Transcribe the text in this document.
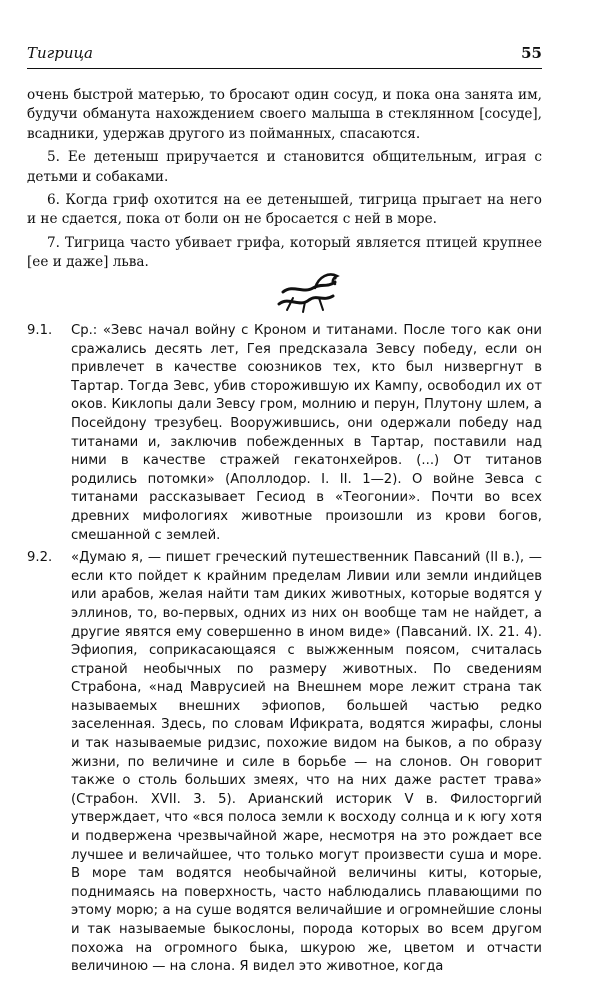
Тигрица	55

очень быстрой матерью, то бросают один сосуд, и пока она занята им, будучи обманута нахождением своего малыша в стеклянном [сосуде], всадники, удержав другого из пойманных, спасаются.

5. Ее детеныш приручается и становится общительным, играя с детьми и собаками.

6. Когда гриф охотится на ее детенышей, тигрица прыгает на него и не сдается, пока от боли он не бросается с ней в море.

7. Тигрица часто убивает грифа, который является птицей крупнее [ее и даже] льва.

9.1. Ср.: «Зевс начал войну с Кроном и титанами. После того как они сражались десять лет, Гея предсказала Зевсу победу, если он привлечет в качестве союзников тех, кто был низвергнут в Тартар. Тогда Зевс, убив сторожившую их Кампу, освободил их от оков. Киклопы дали Зевсу гром, молнию и перун, Плутону шлем, а Посейдону трезубец. Вооружившись, они одержали победу над титанами и, заключив побежденных в Тартар, поставили над ними в качестве стражей гекатонхейров. (...) От титанов родились потомки» (Аполлодор. I. II. 1—2). О войне Зевса с титанами рассказывает Гесиод в «Теогонии». Почти во всех древних мифологиях животные произошли из крови богов, смешанной с землей.
9.2. «Думаю я, — пишет греческий путешественник Павсаний (II в.), — если кто пойдет к крайним пределам Ливии или земли индийцев или арабов, желая найти там диких животных, которые водятся у эллинов, то, во-первых, одних из них он вообще там не найдет, а другие явятся ему совершенно в ином виде» (Павсаний. IX. 21. 4). Эфиопия, соприкасающаяся с выжженным поясом, считалась страной необычных по размеру животных. По сведениям Страбона, «над Маврусией на Внешнем море лежит страна так называемых внешних эфиопов, большей частью редко заселенная. Здесь, по словам Ификрата, водятся жирафы, слоны и так называемые ридзис, похожие видом на быков, а по образу жизни, по величине и силе в борьбе — на слонов. Он говорит также о столь больших змеях, что на них даже растет трава» (Страбон. XVII. 3. 5). Арианский историк V в. Филосторгий утверждает, что «вся полоса земли к восходу солнца и к югу хотя и подвержена чрезвычайной жаре, несмотря на это рождает все лучшее и величайшее, что только могут произвести суша и море. В море там водятся необычайной величины киты, которые, поднимаясь на поверхность, часто наблюдались плавающими по этому морю; а на суше водятся величайшие и огромнейшие слоны и так называемые быкослоны, порода которых во всем другом похожа на огромного быка, шкурою же, цветом и отчасти величиною — на слона. Я видел это животное, когда
